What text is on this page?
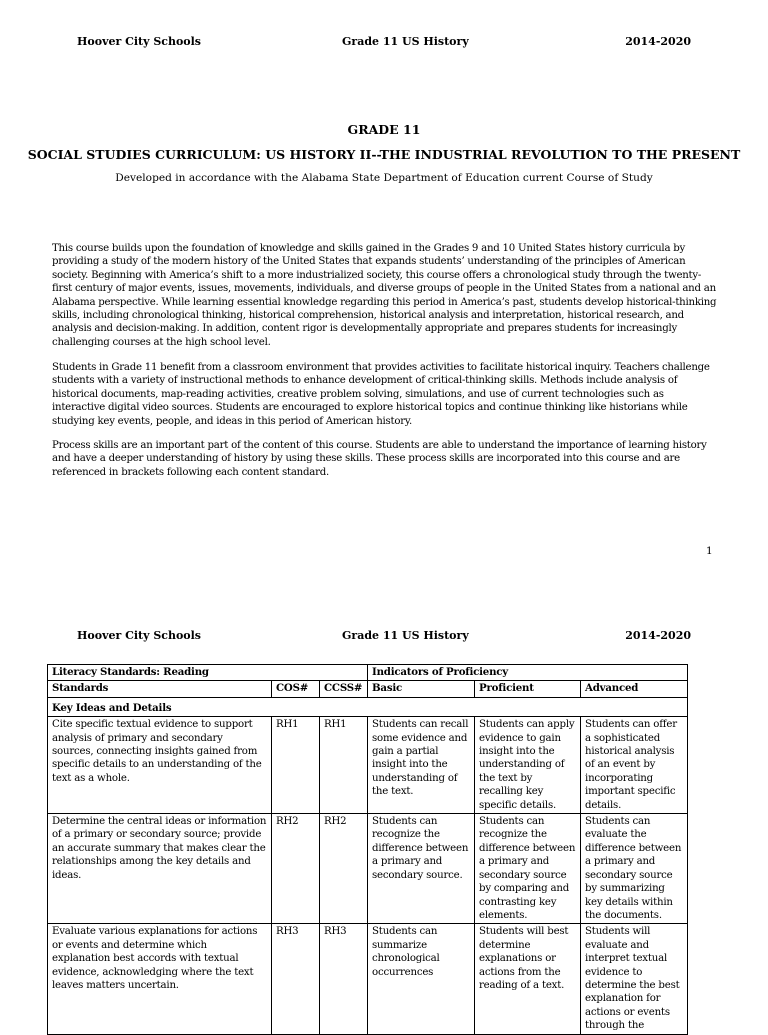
Hoover City Schools	Grade 11 US History	2014-2020
GRADE 11
SOCIAL STUDIES CURRICULUM: US HISTORY II--THE INDUSTRIAL REVOLUTION TO THE PRESENT
Developed in accordance with the Alabama State Department of Education current Course of Study

This course builds upon the foundation of knowledge and skills gained in the Grades 9 and 10 United States history curricula by providing a study of the modern history of the United States that expands students’ understanding of the principles of American society. Beginning with America’s shift to a more industrialized society, this course offers a chronological study through the twenty-first century of major events, issues, movements, individuals, and diverse groups of people in the United States from a national and an Alabama perspective. While learning essential knowledge regarding this period in America’s past, students develop historical-thinking skills, including chronological thinking, historical comprehension, historical analysis and interpretation, historical research, and analysis and decision-making. In addition, content rigor is developmentally appropriate and prepares students for increasingly challenging courses at the high school level.

Students in Grade 11 benefit from a classroom environment that provides activities to facilitate historical inquiry. Teachers challenge students with a variety of instructional methods to enhance development of critical-thinking skills. Methods include analysis of historical documents, map-reading activities, creative problem solving, simulations, and use of current technologies such as interactive digital video sources. Students are encouraged to explore historical topics and continue thinking like historians while studying key events, people, and ideas in this period of American history.

Process skills are an important part of the content of this course. Students are able to understand the importance of learning history and have a deeper understanding of history by using these skills. These process skills are incorporated into this course and are referenced in brackets following each content standard.

1
Hoover City Schools	Grade 11 US History	2014-2020
Literacy Standards: Reading			Indicators of Proficiency		
Standards	COS#	CCSS#	Basic	Proficient	Advanced
Key Ideas and Details					
Cite specific textual evidence to support analysis of primary and secondary sources, connecting insights gained from specific details to an understanding of the text as a whole.	RH1	RH1	Students can recall some evidence and gain a partial insight into the understanding of the text.	Students can apply evidence to gain insight into the understanding of the text by recalling key specific details.	Students can offer a sophisticated historical analysis of an event by incorporating important specific details.
Determine the central ideas or information of a primary or secondary source; provide an accurate summary that makes clear the relationships among the key details and ideas.	RH2	RH2	Students can recognize the difference between a primary and secondary source.	Students can recognize the difference between a primary and secondary source by comparing and contrasting key elements.	Students can evaluate the difference between a primary and secondary source by summarizing key details within the documents.
Evaluate various explanations for actions or events and determine which explanation best accords with textual evidence, acknowledging where the text leaves matters uncertain.	RH3	RH3	Students can summarize chronological occurrences	Students will best determine explanations or actions from the reading of a text.	Students will evaluate and interpret textual evidence to determine the best explanation for actions or events through the
